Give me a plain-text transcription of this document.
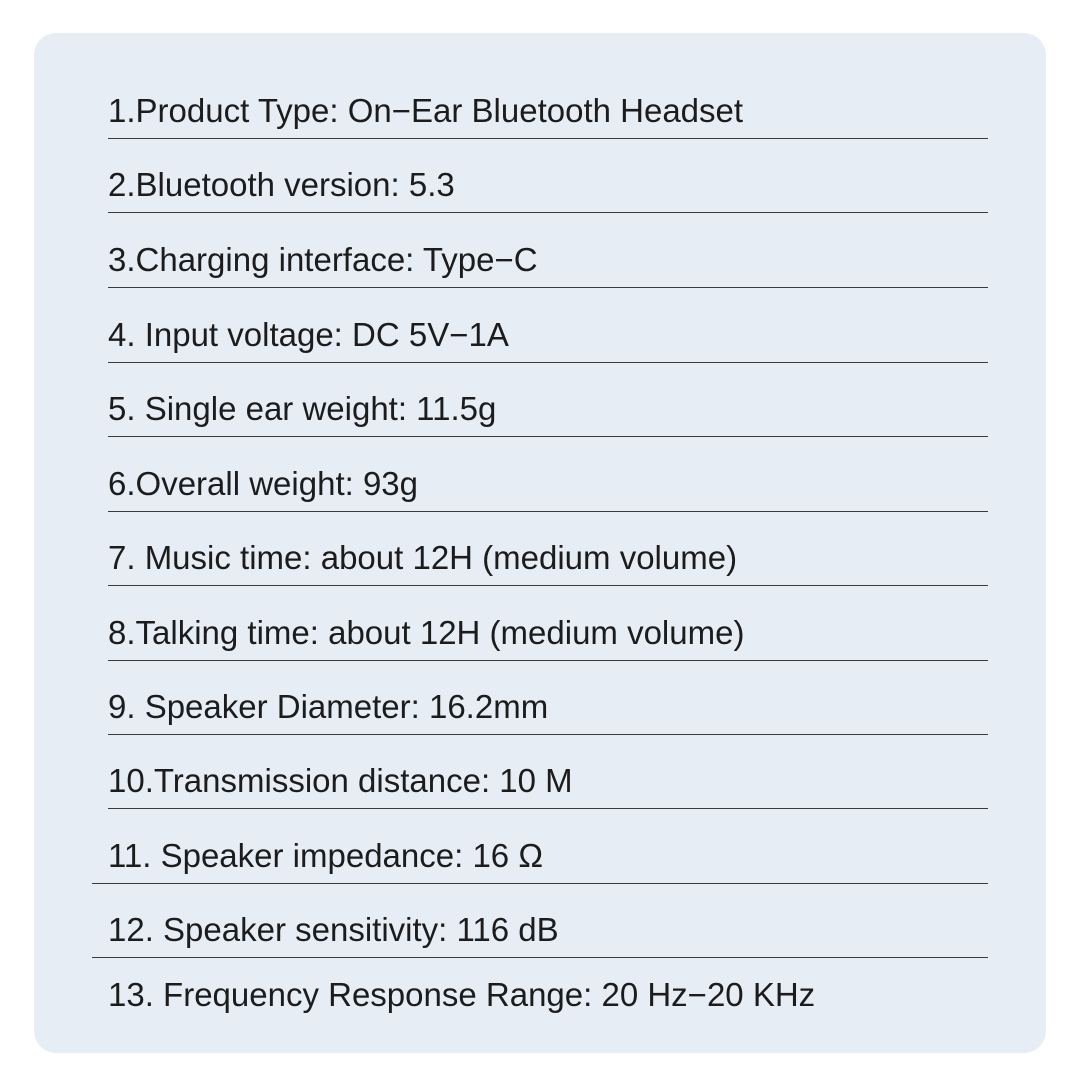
1.Product Type: On−Ear Bluetooth Headset
2.Bluetooth version: 5.3
3.Charging interface: Type−C
4. Input voltage: DC 5V−1A
5. Single ear weight: 11.5g
6.Overall weight: 93g
7. Music time: about 12H (medium volume)
8.Talking time: about 12H (medium volume)
9. Speaker Diameter: 16.2mm
10.Transmission distance: 10 M
11. Speaker impedance: 16 Ω
12. Speaker sensitivity: 116 dB
13. Frequency Response Range: 20 Hz−20 KHz
